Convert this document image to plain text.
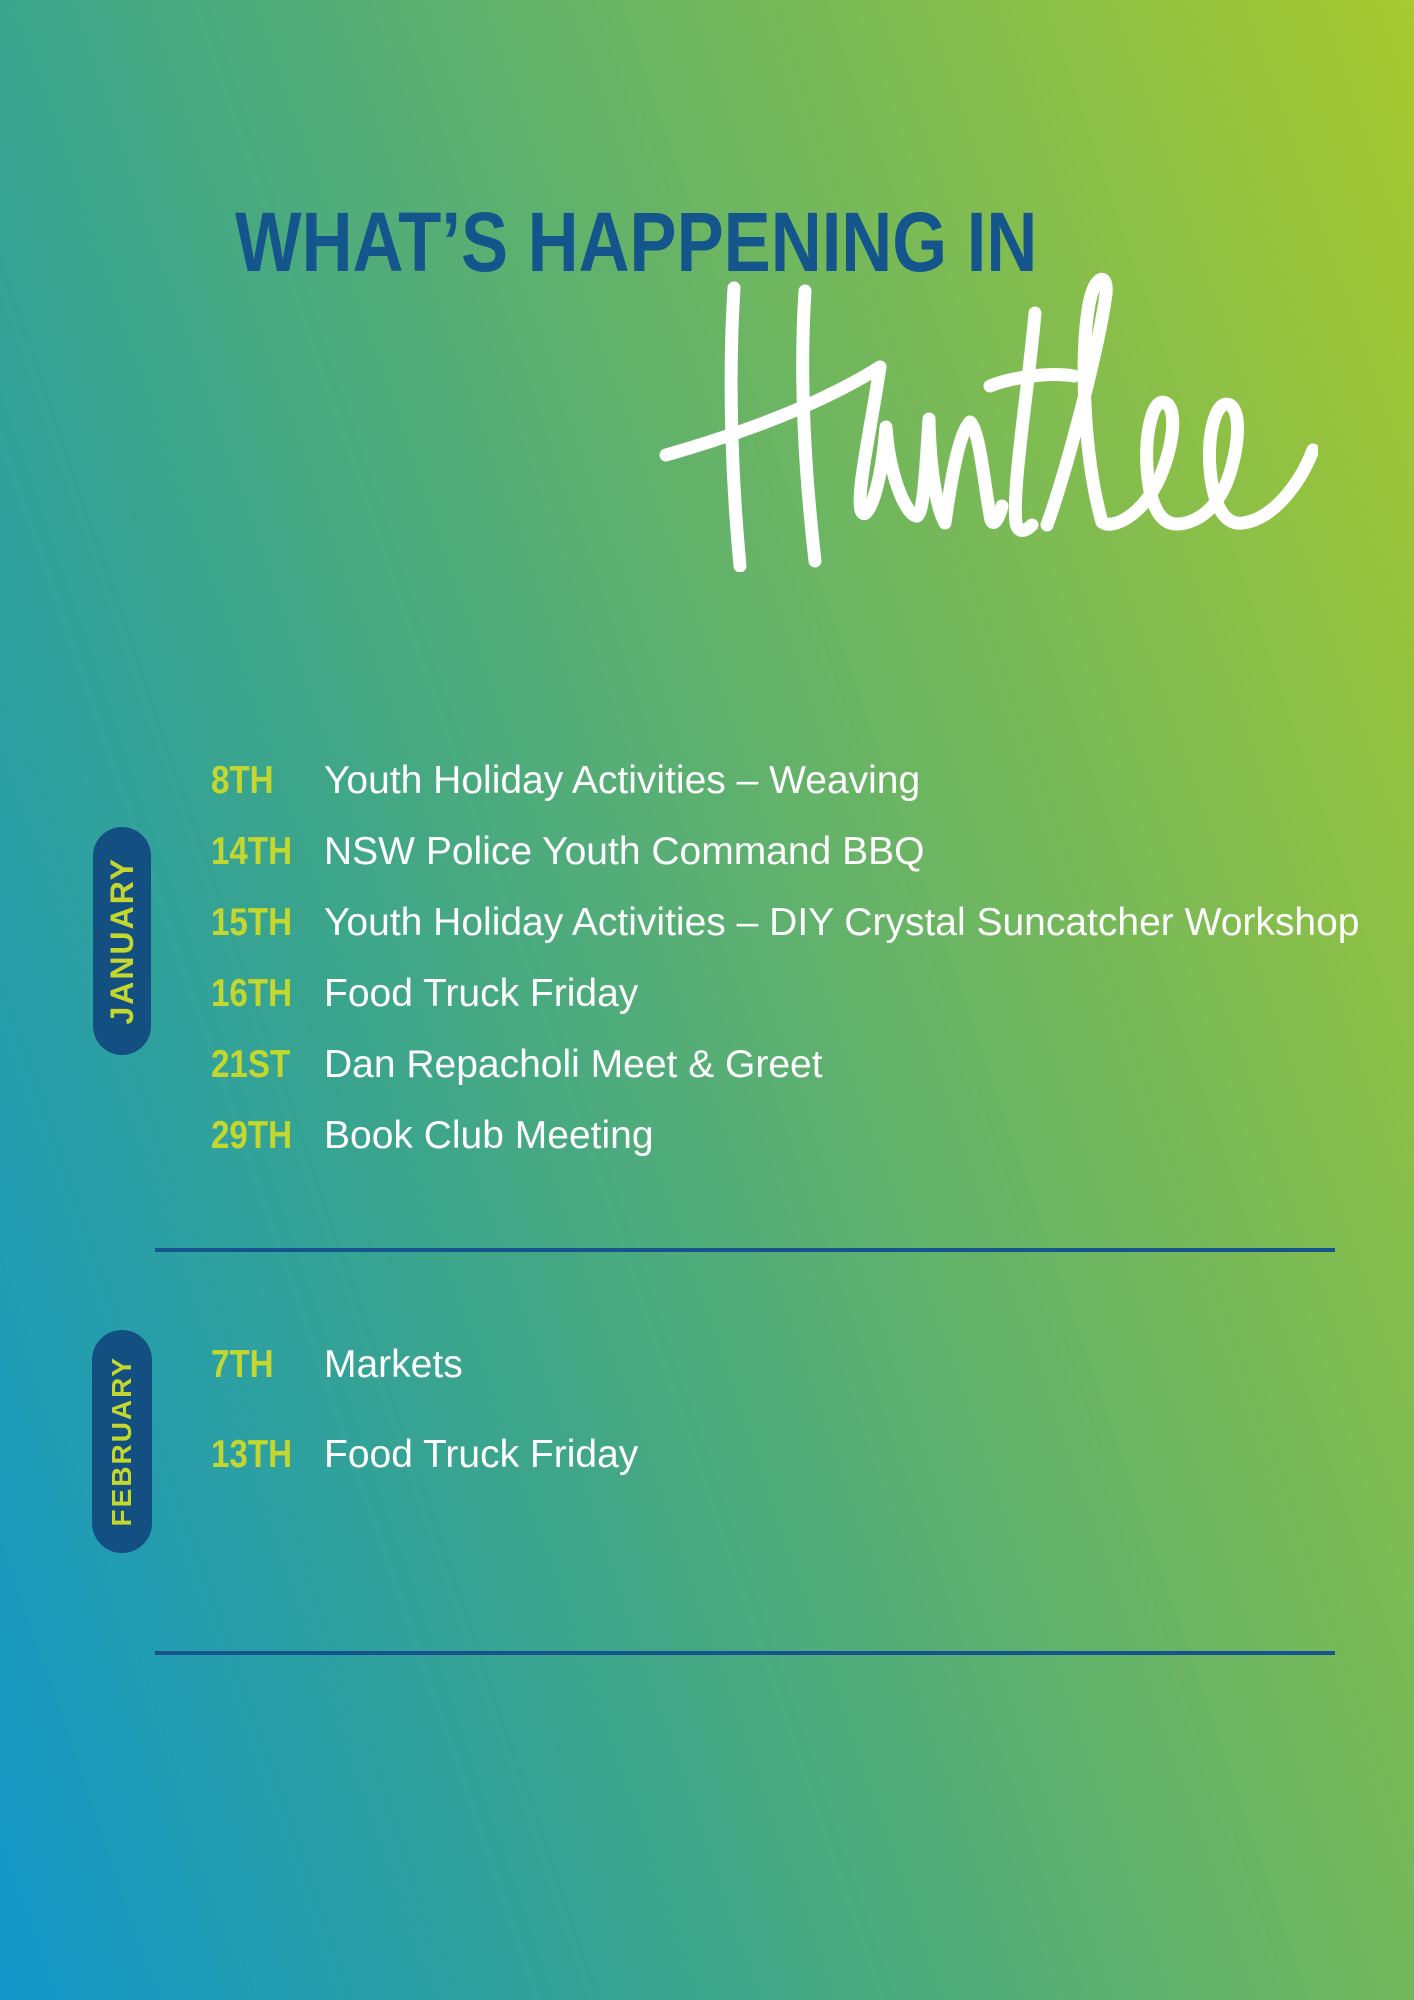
WHAT’S HAPPENING IN
JANUARY
8TH	Youth Holiday Activities – Weaving
14TH NSW Police Youth Command BBQ
15TH Youth Holiday Activities – DIY Crystal Suncatcher Workshop
16TH Food Truck Friday
21ST Dan Repacholi Meet & Greet
29TH Book Club Meeting
FEBRUARY 7TH	Markets
13TH Food Truck Friday
